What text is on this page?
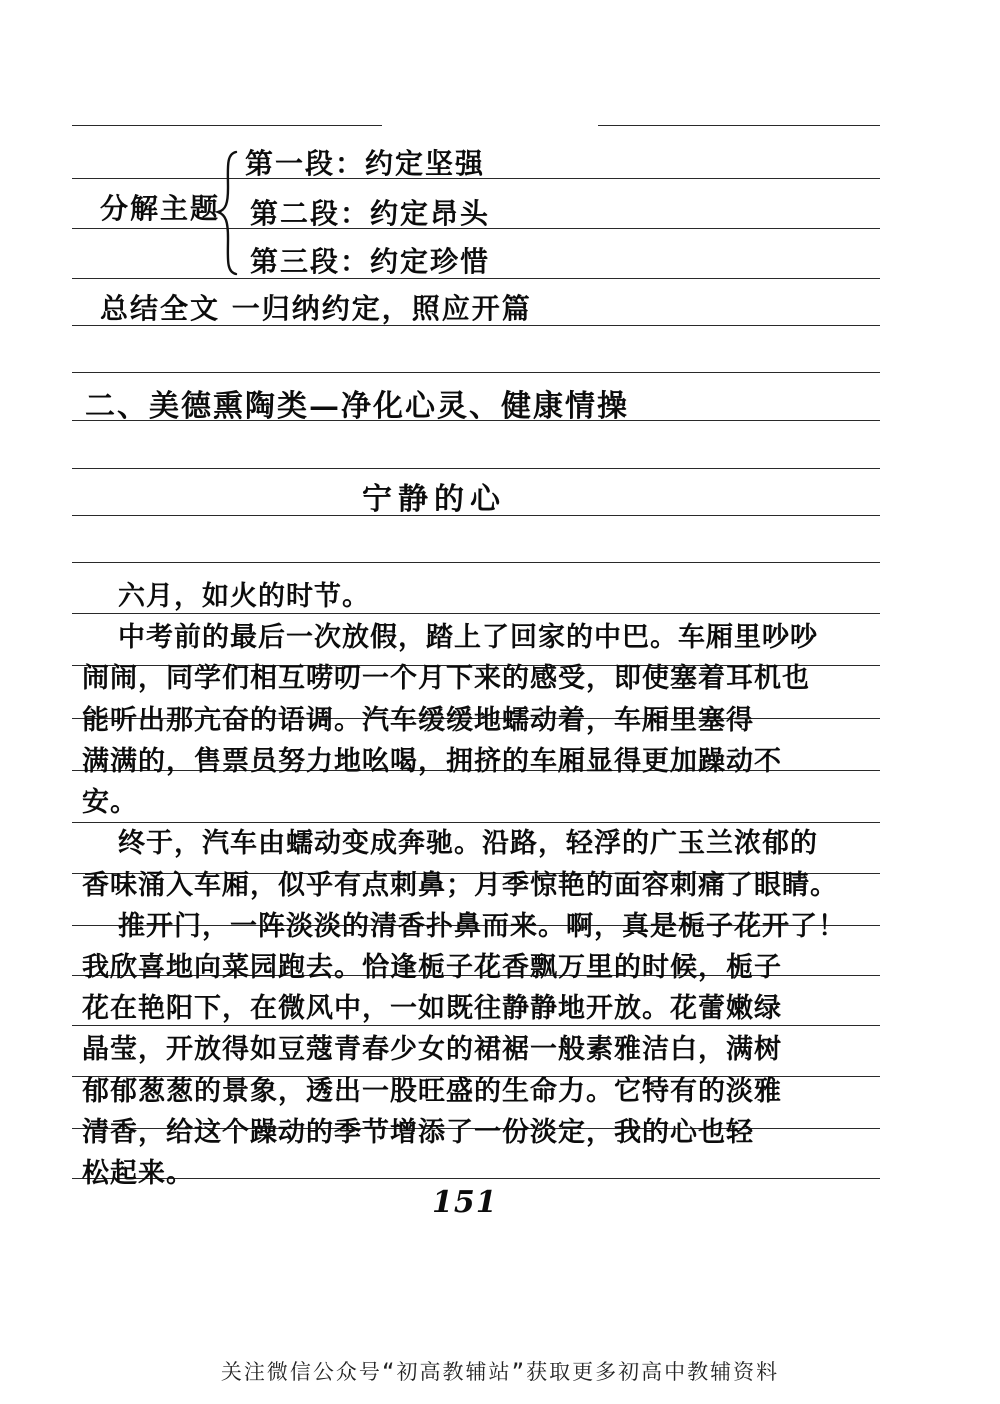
分解主题
第一段：约定坚强
第二段：约定昂头
第三段：约定珍惜
总结全文 一归纳约定，照应开篇
二、美德熏陶类—净化心灵、健康情操
宁静的心
151
关注微信公众号“初高教辅站”获取更多初高中教辅资料
六月，如火的时节。
中考前的最后一次放假，踏上了回家的中巴。车厢里吵吵
闹闹，同学们相互唠叨一个月下来的感受，即使塞着耳机也
能听出那亢奋的语调。汽车缓缓地蠕动着，车厢里塞得
满满的，售票员努力地吆喝，拥挤的车厢显得更加躁动不
安。
终于，汽车由蠕动变成奔驰。沿路，轻浮的广玉兰浓郁的
香味涌入车厢，似乎有点刺鼻；月季惊艳的面容刺痛了眼睛。
推开门，一阵淡淡的清香扑鼻而来。啊，真是栀子花开了！
我欣喜地向菜园跑去。恰逢栀子花香飘万里的时候，栀子
花在艳阳下，在微风中，一如既往静静地开放。花蕾嫩绿
晶莹，开放得如豆蔻青春少女的裙裾一般素雅洁白，满树
郁郁葱葱的景象，透出一股旺盛的生命力。它特有的淡雅
清香，给这个躁动的季节增添了一份淡定，我的心也轻
松起来。
